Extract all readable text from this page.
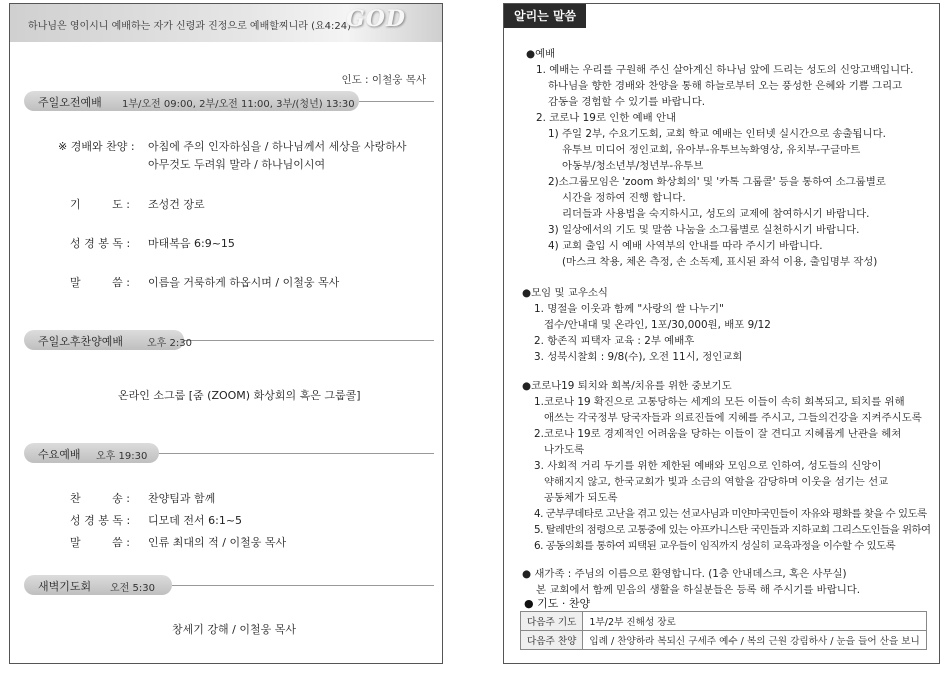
하나님은 영이시니 예배하는 자가 신령과 진정으로 예배할찌니라 (요4:24)
GOD
인도 : 이철웅 목사
주일오전예배 1부/오전 09:00, 2부/오전 11:00, 3부/(청년) 13:30
※ 경배와 찬양 : 아침에 주의 인자하심을 / 하나님께서 세상을 사랑하사
아무것도 두려워 말라 / 하나님이시여
기         도 : 조성건 장로
성 경 봉 독 : 마태복음 6:9~15
말         씀 : 이름을 거룩하게 하옵시며 / 이철웅 목사
주일오후찬양예배 오후 2:30
온라인 소그룹 [줌 (ZOOM) 화상회의 혹은 그룹콜]
수요예배 오후 19:30
찬         송 : 찬양팀과 함께
성 경 봉 독 : 디모데 전서 6:1~5
말         씀 : 인류 최대의 적 / 이철웅 목사
새벽기도회 오전 5:30
창세기 강해 / 이철웅 목사
알리는 말씀
●예배
1. 예배는 우리를 구원해 주신 살아계신 하나님 앞에 드리는 성도의 신앙고백입니다.
하나님을 향한 경배와 찬양을 통해 하늘로부터 오는 풍성한 은혜와 기쁨 그리고
감동을 경험할 수 있기를 바랍니다.
2. 코로나 19로 인한 예배 안내
1) 주일 2부, 수요기도회, 교회 학교 예배는 인터넷 실시간으로 송출됩니다.
유투브 미디어 정인교회, 유아부-유투브녹화영상, 유치부-구글마트
아동부/청소년부/청년부-유투브
2)소그룹모임은 'zoom 화상회의' 및 '카톡 그룹콜' 등을 통하여 소그룹별로
시간을 정하여 진행 합니다.
리더들과 사용법을 숙지하시고, 성도의 교제에 참여하시기 바랍니다.
3) 일상에서의 기도 및 말씀 나눔을 소그룹별로 실천하시기 바랍니다.
4) 교회 출입 시 예배 사역부의 안내를 따라 주시기 바랍니다.
(마스크 착용, 체온 측정, 손 소독제, 표시된 좌석 이용, 출입명부 작성)
●모임 및 교우소식
1. 명절을 이웃과 함께 "사랑의 쌀 나누기"
접수/안내대 및 온라인, 1포/30,000원, 배포 9/12
2. 항존직 피택자 교육 : 2부 예배후
3. 성북시찰회 : 9/8(수), 오전 11시, 정인교회
●코로나19 퇴치와 회복/치유를 위한 중보기도
1.코로나 19 확진으로 고통당하는 세계의 모든 이들이 속히 회복되고, 퇴치를 위해
애쓰는 각국정부 당국자들과 의료진들에 지혜를 주시고, 그들의건강을 지켜주시도록
2.코로나 19로 경제적인 어려움을 당하는 이들이 잘 견디고 지혜롭게 난관을 헤쳐
나가도록
3. 사회적 거리 두기를 위한 제한된 예배와 모임으로 인하여, 성도들의 신앙이
약해지지 않고, 한국교회가 빛과 소금의 역할을 감당하며 이웃을 섬기는 선교
공동체가 되도록
4. 군부쿠데타로 고난을 겪고 있는 선교사님과 미얀마국민들이 자유와 평화를 찾을 수 있도록
5. 탈레반의 점령으로 고통중에 있는 아프카니스탄 국민들과 지하교회 그리스도인들을 위하여
6. 공동의회를 통하여 피택된 교우들이 임직까지 성실히 교육과정을 이수할 수 있도록
● 새가족 : 주님의 이름으로 환영합니다. (1층 안내데스크, 혹은 사무실)
본 교회에서 함께 믿음의 생활을 하실분들은 등록 해 주시기를 바랍니다.
● 기도 · 찬양
다음주 기도	1부/2부 진해성 장로
다음주 찬양	입례 / 찬양하라 복되신 구세주 예수 / 복의 근원 강림하사 / 눈을 들어 산을 보니
